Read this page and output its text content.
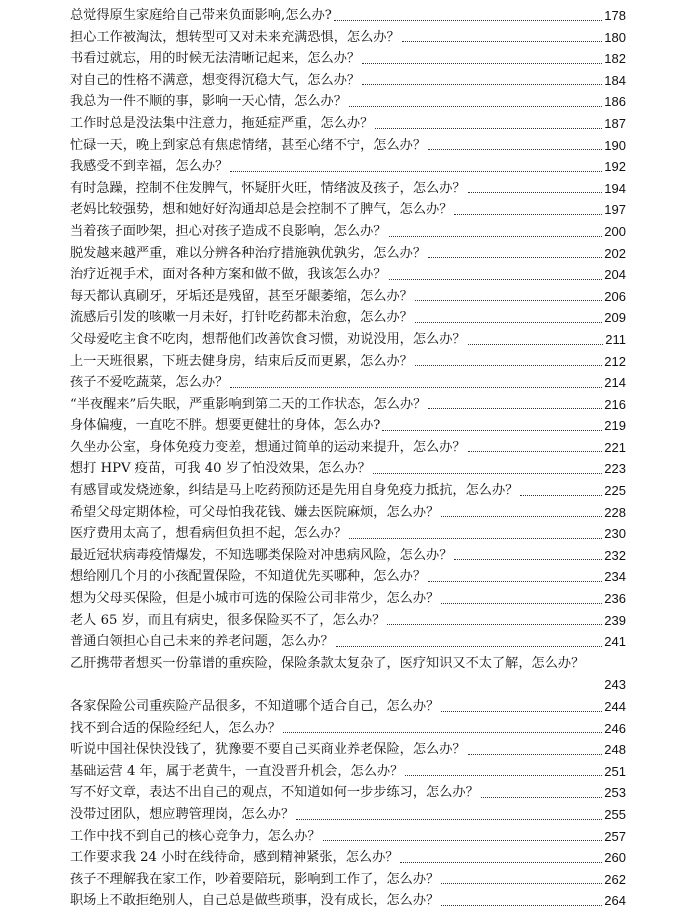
总觉得原生家庭给自己带来负面影响,怎么办?	178
担心工作被淘汰，想转型可又对未来充满恐惧，怎么办？	180
书看过就忘，用的时候无法清晰记起来，怎么办？	182
对自己的性格不满意，想变得沉稳大气，怎么办？	184
我总为一件不顺的事，影响一天心情，怎么办？	186
工作时总是没法集中注意力，拖延症严重，怎么办？	187
忙碌一天，晚上到家总有焦虑情绪，甚至心绪不宁，怎么办？	190
我感受不到幸福，怎么办？	192
有时急躁，控制不住发脾气，怀疑肝火旺，情绪波及孩子，怎么办？	194
老妈比较强势，想和她好好沟通却总是会控制不了脾气，怎么办？	197
当着孩子面吵架，担心对孩子造成不良影响，怎么办？	200
脱发越来越严重，难以分辨各种治疗措施孰优孰劣，怎么办？	202
治疗近视手术，面对各种方案和做不做，我该怎么办？	204
每天都认真刷牙，牙垢还是残留，甚至牙龈萎缩，怎么办？	206
流感后引发的咳嗽一月未好，打针吃药都未治愈，怎么办？	209
父母爱吃主食不吃肉，想帮他们改善饮食习惯，劝说没用，怎么办？	211
上一天班很累，下班去健身房，结束后反而更累，怎么办？	212
孩子不爱吃蔬菜，怎么办？	214
“半夜醒来”后失眠，严重影响到第二天的工作状态，怎么办？	216
身体偏瘦，一直吃不胖。想要更健壮的身体，怎么办?	219
久坐办公室，身体免疫力变差，想通过简单的运动来提升，怎么办？	221
想打 HPV 疫苗，可我 40 岁了怕没效果，怎么办？	223
有感冒或发烧迹象，纠结是马上吃药预防还是先用自身免疫力抵抗，怎么办？	225
希望父母定期体检，可父母怕我花钱、嫌去医院麻烦，怎么办？	228
医疗费用太高了，想看病但负担不起，怎么办？	230
最近冠状病毒疫情爆发，不知选哪类保险对冲患病风险，怎么办？	232
想给刚几个月的小孩配置保险，不知道优先买哪种，怎么办？	234
想为父母买保险，但是小城市可选的保险公司非常少，怎么办？	236
老人 65 岁，而且有病史，很多保险买不了，怎么办？	239
普通白领担心自己未来的养老问题，怎么办？	241
乙肝携带者想买一份靠谱的重疾险，保险条款太复杂了，医疗知识又不太了解，怎么办？
243
各家保险公司重疾险产品很多，不知道哪个适合自己，怎么办？	244
找不到合适的保险经纪人，怎么办？	246
听说中国社保快没钱了，犹豫要不要自己买商业养老保险，怎么办？	248
基础运营 4 年，属于老黄牛，一直没晋升机会，怎么办？	251
写不好文章，表达不出自己的观点，不知道如何一步步练习，怎么办？	253
没带过团队，想应聘管理岗，怎么办？	255
工作中找不到自己的核心竞争力，怎么办？	257
工作要求我 24 小时在线待命，感到精神紧张，怎么办？	260
孩子不理解我在家工作，吵着要陪玩，影响到工作了，怎么办？	262
职场上不敢拒绝别人，自己总是做些琐事，没有成长，怎么办？	264
